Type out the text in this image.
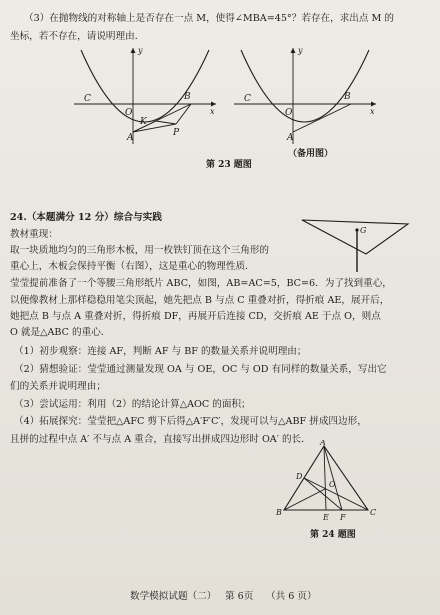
（3）在抛物线的对称轴上是否存在一点 M，使得∠MBA=45°？若存在，求出点 M 的
坐标，若不存在，请说明理由．
x
y
C
O
B
K
A	P
x
y
C
O
B
A
（备用图）
第 23 题图
24.（本题满分 12 分）综合与实践
教材重现：
取一块质地均匀的三角形木板，用一枚铁钉顶在这个三角形的
重心上，木板会保持平衡（右图），这是重心的物理性质．
G
莹莹提前准备了一个等腰三角形纸片 ABC，如图，AB=AC=5，BC=6．为了找到重心，
以便像教材上那样稳稳用笔尖顶起，她先把点 B 与点 C 重叠对折，得折痕 AE，展开后，
她把点 B 与点 A 重叠对折，得折痕 DF，再展开后连接 CD，交折痕 AE 于点 O，则点
O 就是△ABC 的重心．
（1）初步观察：连接 AF，判断 AF 与 BF 的数量关系并说明理由；
（2）猜想验证：莹莹通过测量发现 OA 与 OE，OC 与 OD 有同样的数量关系，写出它
们的关系并说明理由；
（3）尝试运用：利用（2）的结论计算△AOC 的面积；
（4）拓展探究：莹莹把△AFC 剪下后得△A′F′C′，发现可以与△ABF 拼成四边形，
且拼的过程中点 A′ 不与点 A 重合，直接写出拼成四边形时 OA′ 的长． A
D
O
B
E F
C
第 24 题图
数学模拟试题（二） 第 6页 （共 6 页）
